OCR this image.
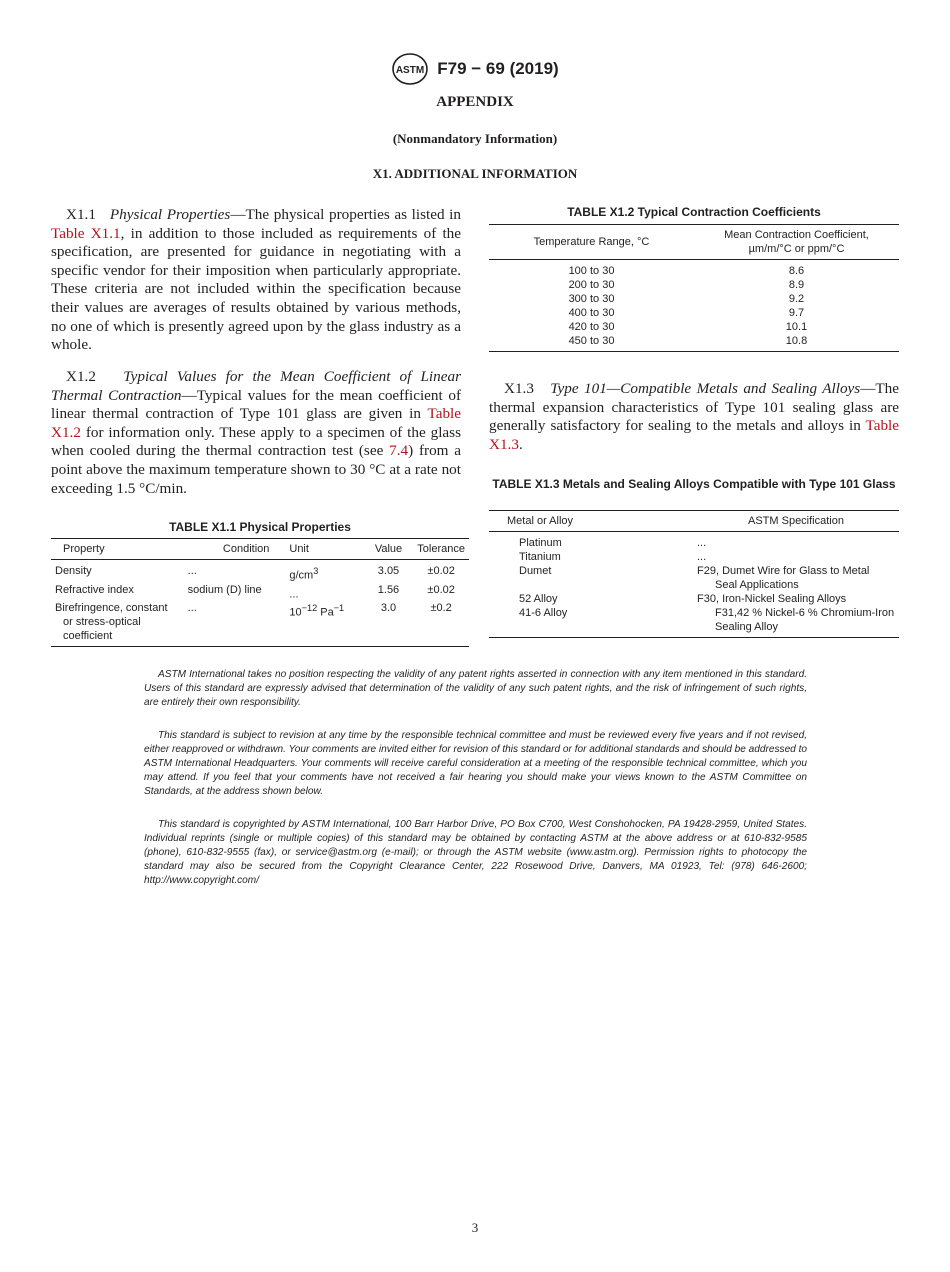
ASTM F79 − 69 (2019)
APPENDIX
(Nonmandatory Information)
X1. ADDITIONAL INFORMATION

X1.1 Physical Properties—The physical properties as listed in Table X1.1, in addition to those included as requirements of the specification, are presented for guidance in negotiating with a specific vendor for their imposition when particularly appropriate. These criteria are not included within the specification because their values are averages of results obtained by various methods, no one of which is presently agreed upon by the glass industry as a whole.

X1.2 Typical Values for the Mean Coefficient of Linear Thermal Contraction—Typical values for the mean coefficient of linear thermal contraction of Type 101 glass are given in Table X1.2 for information only. These apply to a specimen of the glass when cooled during the thermal contraction test (see 7.4) from a point above the maximum temperature shown to 30 °C at a rate not exceeding 1.5 °C/min.

TABLE X1.1 Physical Properties
Property	Condition	Unit	Value	Tolerance
Density	...	$g/cm^3$	3.05	±0.02
Refractive index	sodium (D) line	...	1.56	±0.02

Birefringence, constant
or stress-optical
coefficient	...	$10^{-12}$ $Pa^{-1}$	3.0	±0.2
TABLE X1.2 Typical Contraction Coefficients
Temperature Range, °C	Mean Contraction Coefficient,
µm/m/°C or ppm/°C
100 to 30	8.6
200 to 30	8.9
300 to 30	9.2
400 to 30	9.7
420 to 30	10.1
450 to 30	10.8

X1.3 Type 101—Compatible Metals and Sealing Alloys—The thermal expansion characteristics of Type 101 sealing glass are generally satisfactory for sealing to the metals and alloys in Table X1.3.

TABLE X1.3 Metals and Sealing Alloys Compatible with Type 101 Glass
Metal or Alloy	ASTM Specification
Platinum	...
Titanium	...
Dumet	F29, Dumet Wire for Glass to Metal
Seal Applications

52 Alloy	F30, Iron-Nickel Sealing Alloys
41-6 Alloy	F31,42 % Nickel-6 % Chromium-Iron Sealing Alloy

ASTM International takes no position respecting the validity of any patent rights asserted in connection with any item mentioned in this standard. Users of this standard are expressly advised that determination of the validity of any such patent rights, and the risk of infringement of such rights, are entirely their own responsibility.

This standard is subject to revision at any time by the responsible technical committee and must be reviewed every five years and if not revised, either reapproved or withdrawn. Your comments are invited either for revision of this standard or for additional standards and should be addressed to ASTM International Headquarters. Your comments will receive careful consideration at a meeting of the responsible technical committee, which you may attend. If you feel that your comments have not received a fair hearing you should make your views known to the ASTM Committee on Standards, at the address shown below.

This standard is copyrighted by ASTM International, 100 Barr Harbor Drive, PO Box C700, West Conshohocken, PA 19428-2959, United States. Individual reprints (single or multiple copies) of this standard may be obtained by contacting ASTM at the above address or at 610-832-9585 (phone), 610-832-9555 (fax), or service@astm.org (e-mail); or through the ASTM website (www.astm.org). Permission rights to photocopy the standard may also be secured from the Copyright Clearance Center, 222 Rosewood Drive, Danvers, MA 01923, Tel: (978) 646-2600; http://www.copyright.com/

3
